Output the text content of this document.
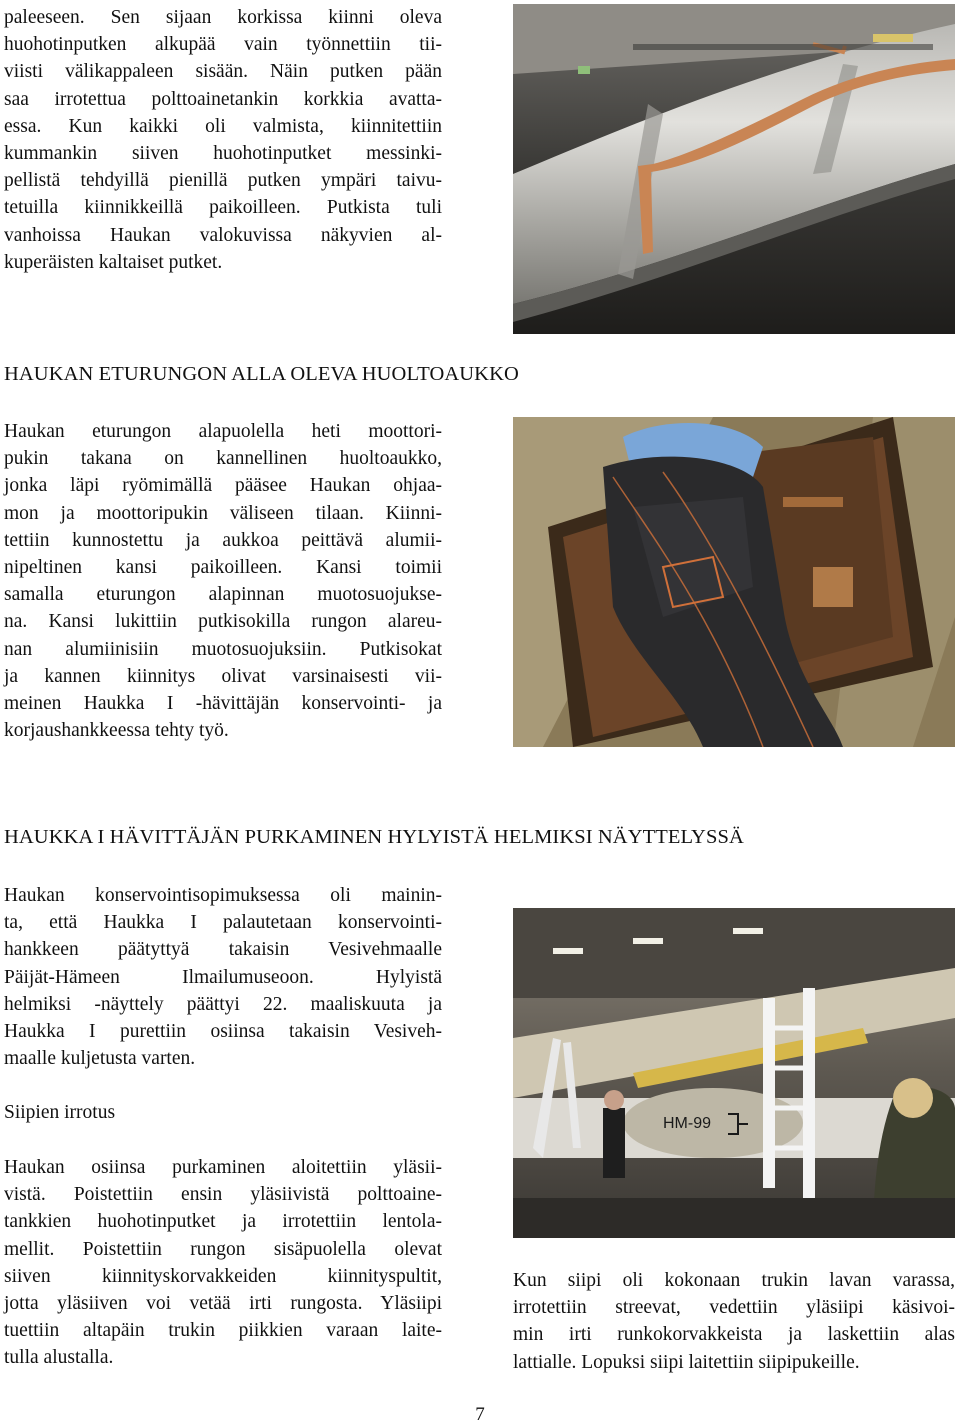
paleeseen. Sen sijaan korkissa kiinni oleva
huohotinputken alkupää vain työnnettiin tii-
viisti välikappaleen sisään. Näin putken pään
saa irrotettua polttoainetankin korkkia avatta-
essa. Kun kaikki oli valmista, kiinnitettiin
kummankin siiven huohotinputket messinki-
pellistä tehdyillä pienillä putken ympäri taivu-
tetuilla kiinnikkeillä paikoilleen. Putkista tuli
vanhoissa Haukan valokuvissa näkyvien al-
kuperäisten kaltaiset putket.
HAUKAN ETURUNGON ALLA OLEVA HUOLTOAUKKO
Haukan eturungon alapuolella heti moottori-
pukin takana on kannellinen huoltoaukko,
jonka läpi ryömimällä pääsee Haukan ohjaa-
mon ja moottoripukin väliseen tilaan. Kiinni-
tettiin kunnostettu ja aukkoa peittävä alumii-
nipeltinen kansi paikoilleen. Kansi toimii
samalla eturungon alapinnan muotosuojukse-
na. Kansi lukittiin putkisokilla rungon alareu-
nan alumiinisiin muotosuojuksiin. Putkisokat
ja kannen kiinnitys olivat varsinaisesti vii-
meinen Haukka I -hävittäjän konservointi- ja
korjaushankkeessa tehty työ.
HAUKKA I HÄVITTÄJÄN PURKAMINEN HYLYISTÄ HELMIKSI NÄYTTELYSSÄ
Haukan konservointisopimuksessa oli mainin-
ta, että Haukka I palautetaan konservointi-
hankkeen päätyttyä takaisin Vesivehmaalle
Päijät-Hämeen Ilmailumuseoon. Hylyistä
helmiksi -näyttely päättyi 22. maaliskuuta ja
Haukka I purettiin osiinsa takaisin Vesiveh-
maalle kuljetusta varten.
Siipien irrotus
Haukan osiinsa purkaminen aloitettiin yläsii-
vistä. Poistettiin ensin yläsiivistä polttoaine-
tankkien huohotinputket ja irrotettiin lentola-
mellit. Poistettiin rungon sisäpuolella olevat
siiven kiinnityskorvakkeiden kiinnityspultit,
jotta yläsiiven voi vetää irti rungosta. Yläsiipi
tuettiin altapäin trukin piikkien varaan laite-
tulla alustalla.
HM-99
Kun siipi oli kokonaan trukin lavan varassa,
irrotettiin streevat, vedettiin yläsiipi käsivoi-
min irti runkokorvakkeista ja laskettiin alas
lattialle. Lopuksi siipi laitettiin siipipukeille.
7
